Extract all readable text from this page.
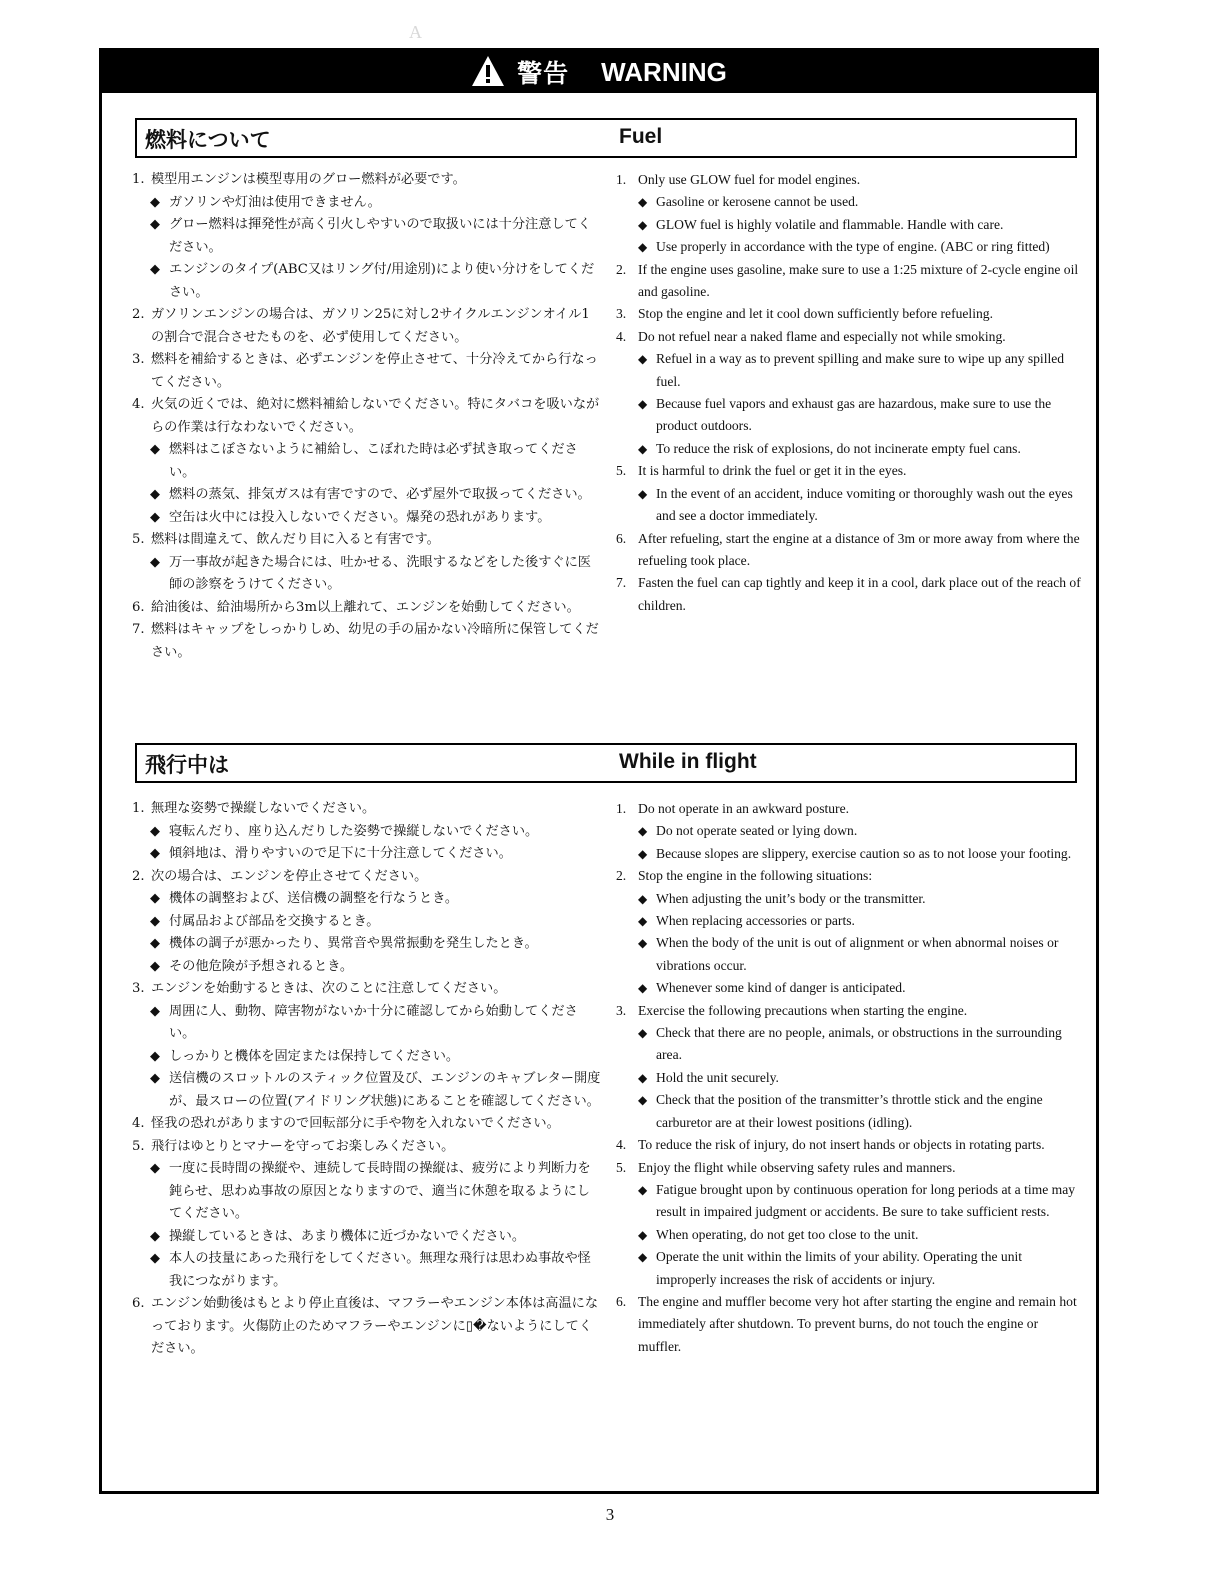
A
警告 WARNING
燃料について	Fuel
1. 模型用エンジンは模型専用のグロー燃料が必要です。
◆ ガソリンや灯油は使用できません。
◆ グロー燃料は揮発性が高く引火しやすいので取扱いには十分注意してください。
◆ エンジンのタイプ(ABC又はリング付/用途別)により使い分けをしてください。
2. ガソリンエンジンの場合は、ガソリン25に対し2サイクルエンジンオイル1の割合で混合させたものを、必ず使用してください。
3. 燃料を補給するときは、必ずエンジンを停止させて、十分冷えてから行なってください。
4. 火気の近くでは、絶対に燃料補給しないでください。特にタバコを吸いながらの作業は行なわないでください。
◆ 燃料はこぼさないように補給し、こぼれた時は必ず拭き取ってください。
◆ 燃料の蒸気、排気ガスは有害ですので、必ず屋外で取扱ってください。
◆ 空缶は火中には投入しないでください。爆発の恐れがあります。
5. 燃料は間違えて、飲んだり目に入ると有害です。
◆ 万一事故が起きた場合には、吐かせる、洗眼するなどをした後すぐに医師の診察をうけてください。
6. 給油後は、給油場所から3m以上離れて、エンジンを始動してください。
7. 燃料はキャップをしっかりしめ、幼児の手の届かない冷暗所に保管してください。
1. Only use GLOW fuel for model engines.
◆ Gasoline or kerosene cannot be used.
◆ GLOW fuel is highly volatile and flammable. Handle with care.
◆ Use properly in accordance with the type of engine. (ABC or ring fitted)
2. If the engine uses gasoline, make sure to use a 1:25 mixture of 2-cycle engine oil and gasoline.
3. Stop the engine and let it cool down sufficiently before refueling.
4. Do not refuel near a naked flame and especially not while smoking.
◆ Refuel in a way as to prevent spilling and make sure to wipe up any spilled fuel.
◆ Because fuel vapors and exhaust gas are hazardous, make sure to use the product outdoors.
◆ To reduce the risk of explosions, do not incinerate empty fuel cans.
5. It is harmful to drink the fuel or get it in the eyes.
◆ In the event of an accident, induce vomiting or thoroughly wash out the eyes and see a doctor immediately.
6. After refueling, start the engine at a distance of 3m or more away from where the refueling took place.
7. Fasten the fuel can cap tightly and keep it in a cool, dark place out of the reach of children.
飛行中は	While in flight
1. 無理な姿勢で操縦しないでください。
◆ 寝転んだり、座り込んだりした姿勢で操縦しないでください。
◆ 傾斜地は、滑りやすいので足下に十分注意してください。
2. 次の場合は、エンジンを停止させてください。
◆ 機体の調整および、送信機の調整を行なうとき。
◆ 付属品および部品を交換するとき。
◆ 機体の調子が悪かったり、異常音や異常振動を発生したとき。
◆ その他危険が予想されるとき。
3. エンジンを始動するときは、次のことに注意してください。
◆ 周囲に人、動物、障害物がないか十分に確認してから始動してください。
◆ しっかりと機体を固定または保持してください。
◆ 送信機のスロットルのスティック位置及び、エンジンのキャブレター開度が、最スローの位置(アイドリング状態)にあることを確認してください。
4. 怪我の恐れがありますので回転部分に手や物を入れないでください。
5. 飛行はゆとりとマナーを守ってお楽しみください。
◆ 一度に長時間の操縦や、連続して長時間の操縦は、疲労により判断力を鈍らせ、思わぬ事故の原因となりますので、適当に休憩を取るようにしてください。
◆ 操縦しているときは、あまり機体に近づかないでください。
◆ 本人の技量にあった飛行をしてください。無理な飛行は思わぬ事故や怪我につながります。
6. エンジン始動後はもとより停止直後は、マフラーやエンジン本体は高温になっております。火傷防止のためマフラーやエンジンに▯�ないようにしてください。
1. Do not operate in an awkward posture.
◆ Do not operate seated or lying down.
◆ Because slopes are slippery, exercise caution so as to not loose your footing.
2. Stop the engine in the following situations:
◆ When adjusting the unit’s body or the transmitter.
◆ When replacing accessories or parts.
◆ When the body of the unit is out of alignment or when abnormal noises or vibrations occur.
◆ Whenever some kind of danger is anticipated.
3. Exercise the following precautions when starting the engine.
◆ Check that there are no people, animals, or obstructions in the surrounding area.
◆ Hold the unit securely.
◆ Check that the position of the transmitter’s throttle stick and the engine carburetor are at their lowest positions (idling).
4. To reduce the risk of injury, do not insert hands or objects in rotating parts.
5. Enjoy the flight while observing safety rules and manners.
◆ Fatigue brought upon by continuous operation for long periods at a time may result in impaired judgment or accidents. Be sure to take sufficient rests.
◆ When operating, do not get too close to the unit.
◆ Operate the unit within the limits of your ability. Operating the unit improperly increases the risk of accidents or injury.
6. The engine and muffler become very hot after starting the engine and remain hot immediately after shutdown. To prevent burns, do not touch the engine or muffler.
3
